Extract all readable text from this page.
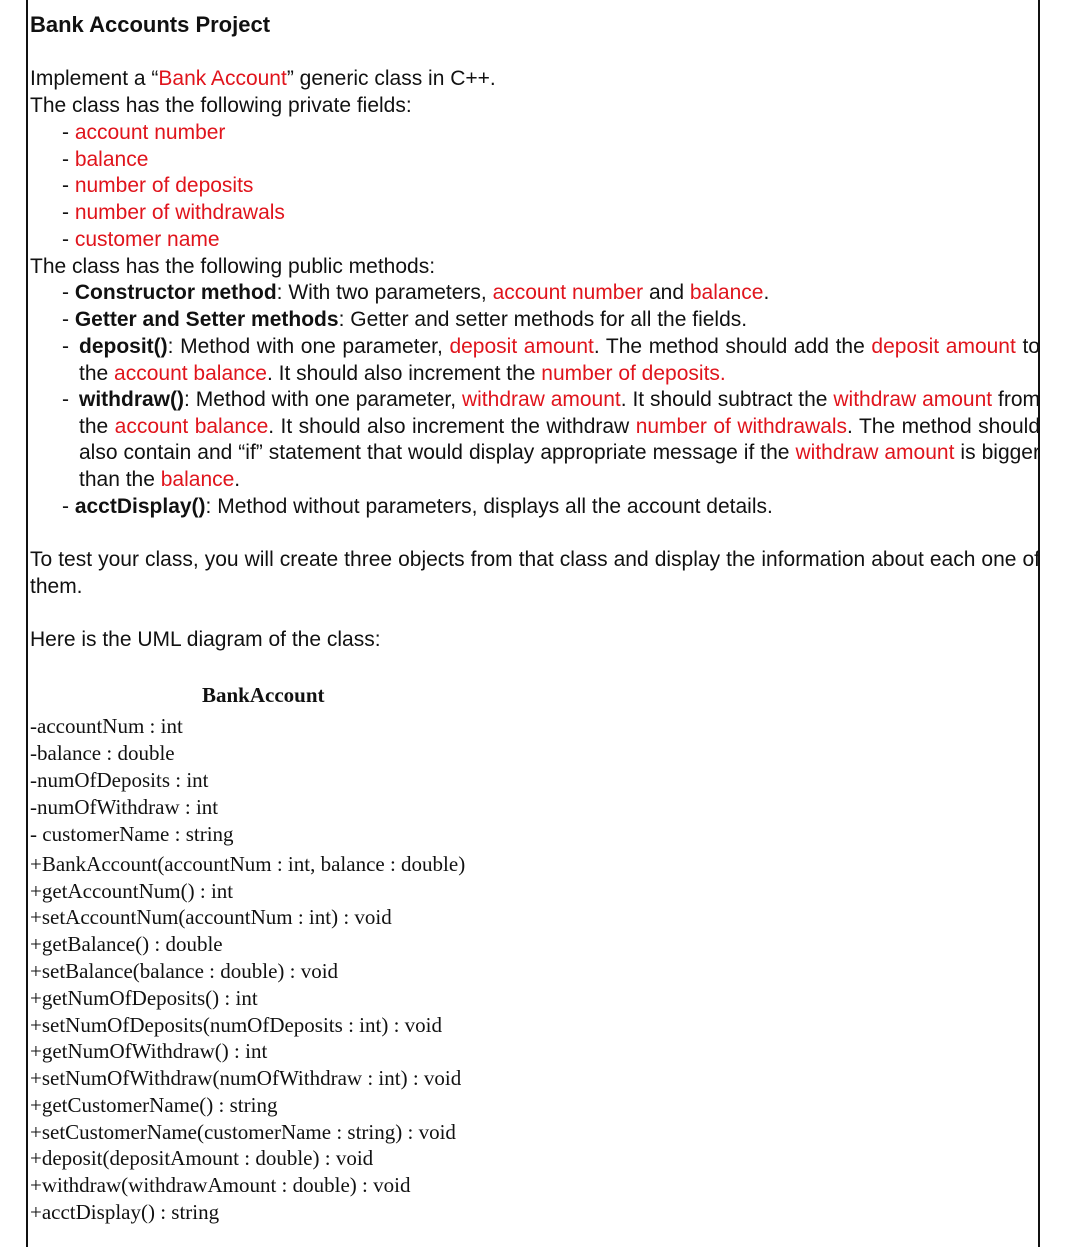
Bank Accounts Project
Implement a “Bank Account” generic class in C++.
The class has the following private fields:
- account number
- balance
- number of deposits
- number of withdrawals
- customer name
The class has the following public methods:
- Constructor method: With two parameters, account number and balance.
- Getter and Setter methods: Getter and setter methods for all the fields.
- deposit(): Method with one parameter, deposit amount. The method should add the deposit amount to the account balance. It should also increment the number of deposits.
- withdraw(): Method with one parameter, withdraw amount. It should subtract the withdraw amount from the account balance. It should also increment the withdraw number of withdrawals. The method should also contain and “if” statement that would display appropriate message if the withdraw amount is bigger than the balance.
- acctDisplay(): Method without parameters, displays all the account details.
To test your class, you will create three objects from that class and display the information about each one of them.
Here is the UML diagram of the class:
BankAccount
-accountNum : int
-balance : double
-numOfDeposits : int
-numOfWithdraw : int
- customerName : string
+BankAccount(accountNum : int, balance : double)
+getAccountNum() : int
+setAccountNum(accountNum : int) : void
+getBalance() : double
+setBalance(balance : double) : void
+getNumOfDeposits() : int
+setNumOfDeposits(numOfDeposits : int) : void
+getNumOfWithdraw() : int
+setNumOfWithdraw(numOfWithdraw : int) : void
+getCustomerName() : string
+setCustomerName(customerName : string) : void
+deposit(depositAmount : double) : void
+withdraw(withdrawAmount : double) : void
+acctDisplay() : string
